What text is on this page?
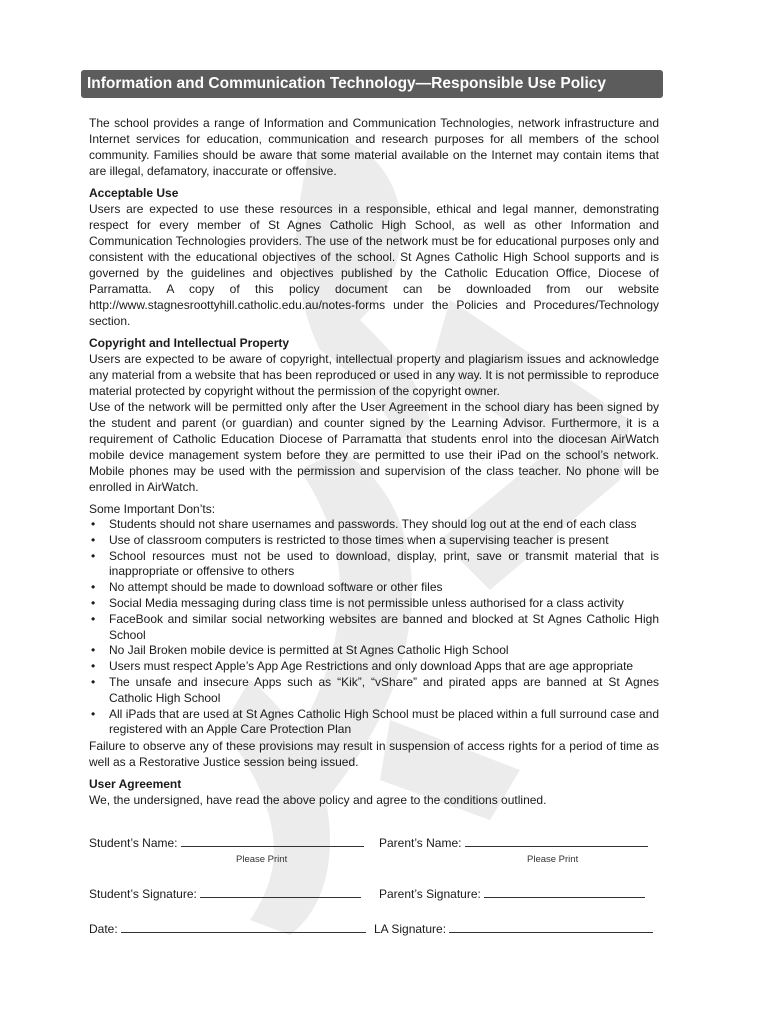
Information and Communication Technology—Responsible Use Policy

The school provides a range of Information and Communication Technologies, network infrastructure and Internet services for education, communication and research purposes for all members of the school community. Families should be aware that some material available on the Internet may contain items that are illegal, defamatory, inaccurate or offensive.

Acceptable Use

Users are expected to use these resources in a responsible, ethical and legal manner, demonstrating respect for every member of St Agnes Catholic High School, as well as other Information and Communication Technologies providers. The use of the network must be for educational purposes only and consistent with the educational objectives of the school. St Agnes Catholic High School supports and is governed by the guidelines and objectives published by the Catholic Education Office, Diocese of Parramatta. A copy of this policy document can be downloaded from our website http://www.stagnesroottyhill.catholic.edu.au/notes-forms under the Policies and Procedures/Technology section.

Copyright and Intellectual Property

Users are expected to be aware of copyright, intellectual property and plagiarism issues and acknowledge any material from a website that has been reproduced or used in any way. It is not permissible to reproduce material protected by copyright without the permission of the copyright owner.

Use of the network will be permitted only after the User Agreement in the school diary has been signed by the student and parent (or guardian) and counter signed by the Learning Advisor. Furthermore, it is a requirement of Catholic Education Diocese of Parramatta that students enrol into the diocesan AirWatch mobile device management system before they are permitted to use their iPad on the school’s network. Mobile phones may be used with the permission and supervision of the class teacher. No phone will be enrolled in AirWatch.

Some Important Don’ts:

• Students should not share usernames and passwords. They should log out at the end of each class
• Use of classroom computers is restricted to those times when a supervising teacher is present
• School resources must not be used to download, display, print, save or transmit material that is inappropriate or offensive to others
• No attempt should be made to download software or other files
• Social Media messaging during class time is not permissible unless authorised for a class activity
• FaceBook and similar social networking websites are banned and blocked at St Agnes Catholic High School
• No Jail Broken mobile device is permitted at St Agnes Catholic High School
• Users must respect Apple’s App Age Restrictions and only download Apps that are age appropriate
• The unsafe and insecure Apps such as “Kik”, “vShare” and pirated apps are banned at St Agnes Catholic High School
• All iPads that are used at St Agnes Catholic High School must be placed within a full surround case and registered with an Apple Care Protection Plan

Failure to observe any of these provisions may result in suspension of access rights for a period of time as well as a Restorative Justice session being issued.

User Agreement

We, the undersigned, have read the above policy and agree to the conditions outlined.

Student’s Name:	Parent’s Name:
Please Print	Please Print
Student’s Signature:	Parent’s Signature:
Date:	LA Signature:
